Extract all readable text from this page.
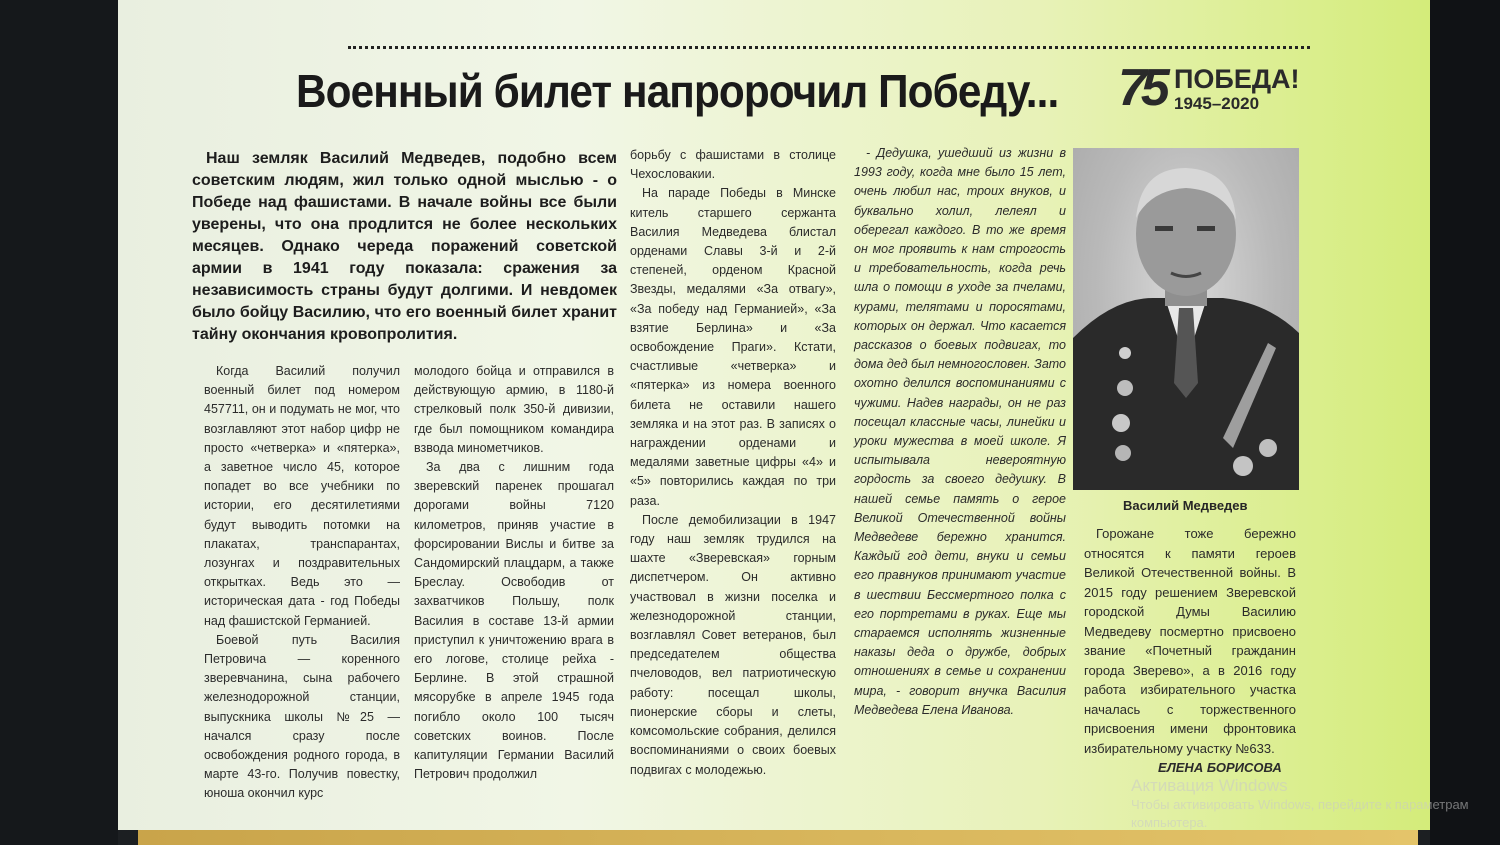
Военный билет напророчил Победу... 75 ПОБЕДА!
1945–2020
Наш земляк Василий Медведев, подобно всем советским людям, жил только одной мыслью - о Победе над фашистами. В начале войны все были уверены, что она продлится не более нескольких месяцев. Однако череда поражений советской армии в 1941 году показала: сражения за независимость страны будут долгими. И невдомек было бойцу Василию, что его военный билет хранит тайну окончания кровопролития.

Когда Василий получил военный билет под номером 457711, он и подумать не мог, что возглавляют этот набор цифр не просто «четверка» и «пятерка», а заветное число 45, которое попадет во все учебники по истории, его десятилетиями будут выводить потомки на плакатах, транспарантах, лозунгах и поздравительных открытках. Ведь это — историческая дата - год Победы над фашистской Германией.

Боевой путь Василия Петровича — коренного зверевчанина, сына рабочего железнодорожной станции, выпускника школы №25 — начался сразу после освобождения родного города, в марте 43-го. Получив повестку, юноша окончил курс

молодого бойца и отправился в действующую армию, в 1180-й стрелковый полк 350-й дивизии, где был помощником командира взвода минометчиков.

За два с лишним года зверевский паренек прошагал дорогами войны 7120 километров, приняв участие в форсировании Вислы и битве за Сандомирский плацдарм, а также Бреслау. Освободив от захватчиков Польшу, полк Василия в составе 13-й армии приступил к уничтожению врага в его логове, столице рейха - Берлине. В этой страшной мясорубке в апреле 1945 года погибло около 100 тысяч советских воинов. После капитуляции Германии Василий Петрович продолжил

борьбу с фашистами в столице Чехословакии.

На параде Победы в Минске китель старшего сержанта Василия Медведева блистал орденами Славы 3-й и 2-й степеней, орденом Красной Звезды, медалями «За отвагу», «За победу над Германией», «За взятие Берлина» и «За освобождение Праги». Кстати, счастливые «четверка» и «пятерка» из номера военного билета не оставили нашего земляка и на этот раз. В записях о награждении орденами и медалями заветные цифры «4» и «5» повторились каждая по три раза.

После демобилизации в 1947 году наш земляк трудился на шахте «Зверевская» горным диспетчером. Он активно участвовал в жизни поселка и железнодорожной станции, возглавлял Совет ветеранов, был председателем общества пчеловодов, вел патриотическую работу: посещал школы, пионерские сборы и слеты, комсомольские собрания, делился воспоминаниями о своих боевых подвигах с молодежью.

- Дедушка, ушедший из жизни в 1993 году, когда мне было 15 лет, очень любил нас, троих внуков, и буквально холил, лелеял и оберегал каждого. В то же время он мог проявить к нам строгость и требовательность, когда речь шла о помощи в уходе за пчелами, курами, телятами и поросятами, которых он держал. Что касается рассказов о боевых подвигах, то дома дед был немногословен. Зато охотно делился воспоминаниями с чужими. Надев награды, он не раз посещал классные часы, линейки и уроки мужества в моей школе. Я испытывала невероятную гордость за своего дедушку. В нашей семье память о герое Великой Отечественной войны Медведеве бережно хранится. Каждый год дети, внуки и семьи его правнуков принимают участие в шествии Бессмертного полка с его портретами в руках. Еще мы стараемся исполнять жизненные наказы деда о дружбе, добрых отношениях в семье и сохранении мира, - говорит внучка Василия Медведева Елена Иванова.

Василий Медведев

Горожане тоже бережно относятся к памяти героев Великой Отечественной войны. В 2015 году решением Зверевской городской Думы Василию Медведеву посмертно присвоено звание «Почетный гражданин города Зверево», а в 2016 году работа избирательного участка началась с торжественного присвоения имени фронтовика избирательному участку №633.

ЕЛЕНА БОРИСОВА
Активация Windows
Чтобы активировать Windows, перейдите к параметрам компьютера.
